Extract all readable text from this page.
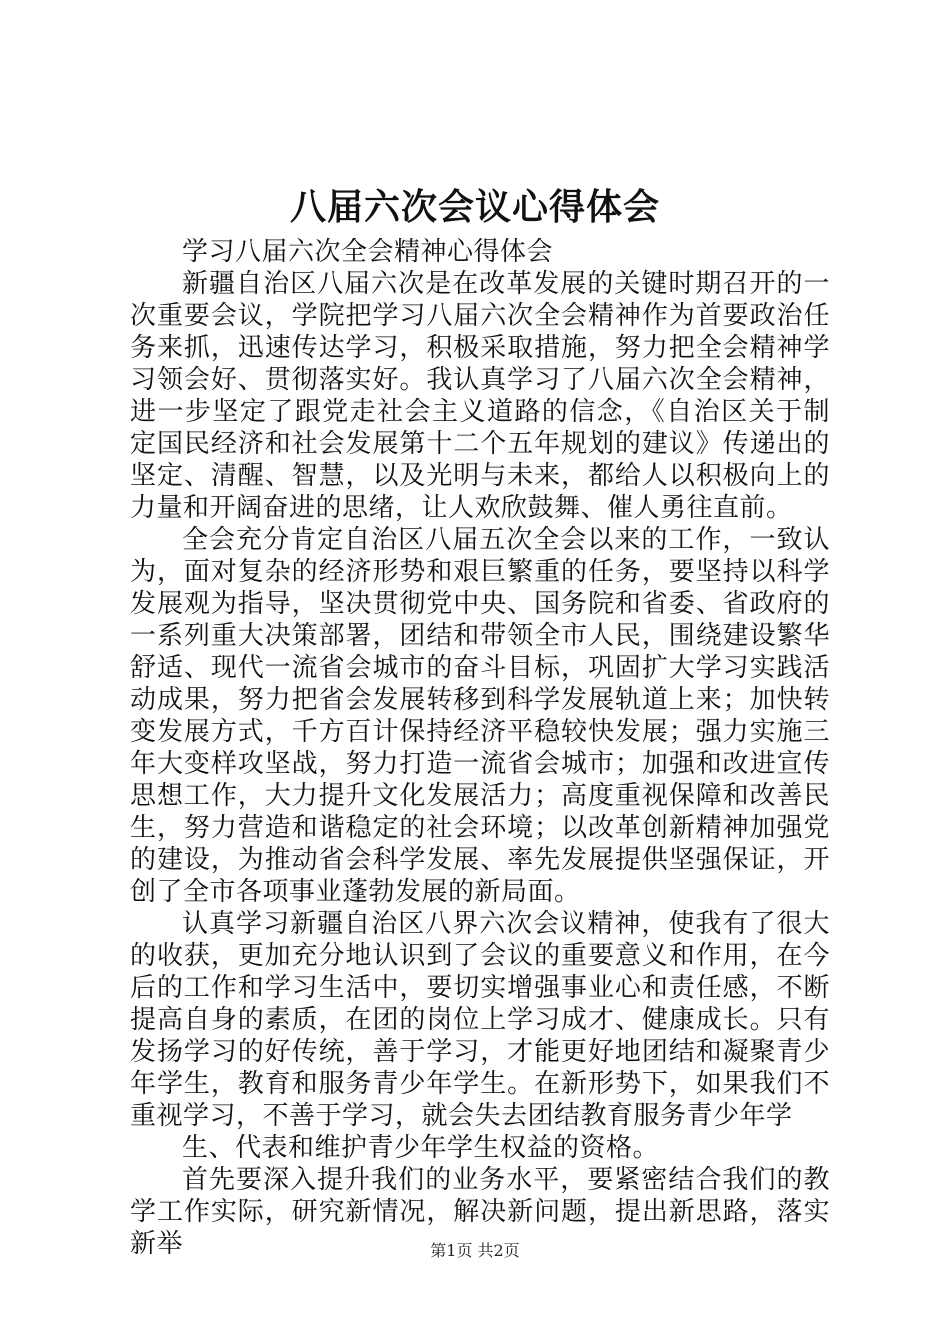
八届六次会议心得体会

学习八届六次全会精神心得体会

新疆自治区八届六次是在改革发展的关键时期召开的一次重要会议，学院把学习八届六次全会精神作为首要政治任务来抓，迅速传达学习，积极采取措施，努力把全会精神学习领会好、贯彻落实好。我认真学习了八届六次全会精神，进一步坚定了跟党走社会主义道路的信念，《自治区关于制定国民经济和社会发展第十二个五年规划的建议》传递出的坚定、清醒、智慧，以及光明与未来，都给人以积极向上的力量和开阔奋进的思绪，让人欢欣鼓舞、催人勇往直前。

全会充分肯定自治区八届五次全会以来的工作，一致认为，面对复杂的经济形势和艰巨繁重的任务，要坚持以科学发展观为指导，坚决贯彻党中央、国务院和省委、省政府的一系列重大决策部署，团结和带领全市人民，围绕建设繁华舒适、现代一流省会城市的奋斗目标，巩固扩大学习实践活动成果，努力把省会发展转移到科学发展轨道上来；加快转变发展方式，千方百计保持经济平稳较快发展；强力实施三年大变样攻坚战，努力打造一流省会城市；加强和改进宣传思想工作，大力提升文化发展活力；高度重视保障和改善民生，努力营造和谐稳定的社会环境；以改革创新精神加强党的建设，为推动省会科学发展、率先发展提供坚强保证，开创了全市各项事业蓬勃发展的新局面。

认真学习新疆自治区八界六次会议精神，使我有了很大的收获，更加充分地认识到了会议的重要意义和作用，在今后的工作和学习生活中，要切实增强事业心和责任感，不断提高自身的素质，在团的岗位上学习成才、健康成长。只有发扬学习的好传统，善于学习，才能更好地团结和凝聚青少年学生，教育和服务青少年学生。在新形势下，如果我们不重视学习，不善于学习，就会失去团结教育服务青少年学

生、代表和维护青少年学生权益的资格。

首先要深入提升我们的业务水平，要紧密结合我们的教学工作实际，研究新情况，解决新问题，提出新思路，落实新举	第1页 共2页
